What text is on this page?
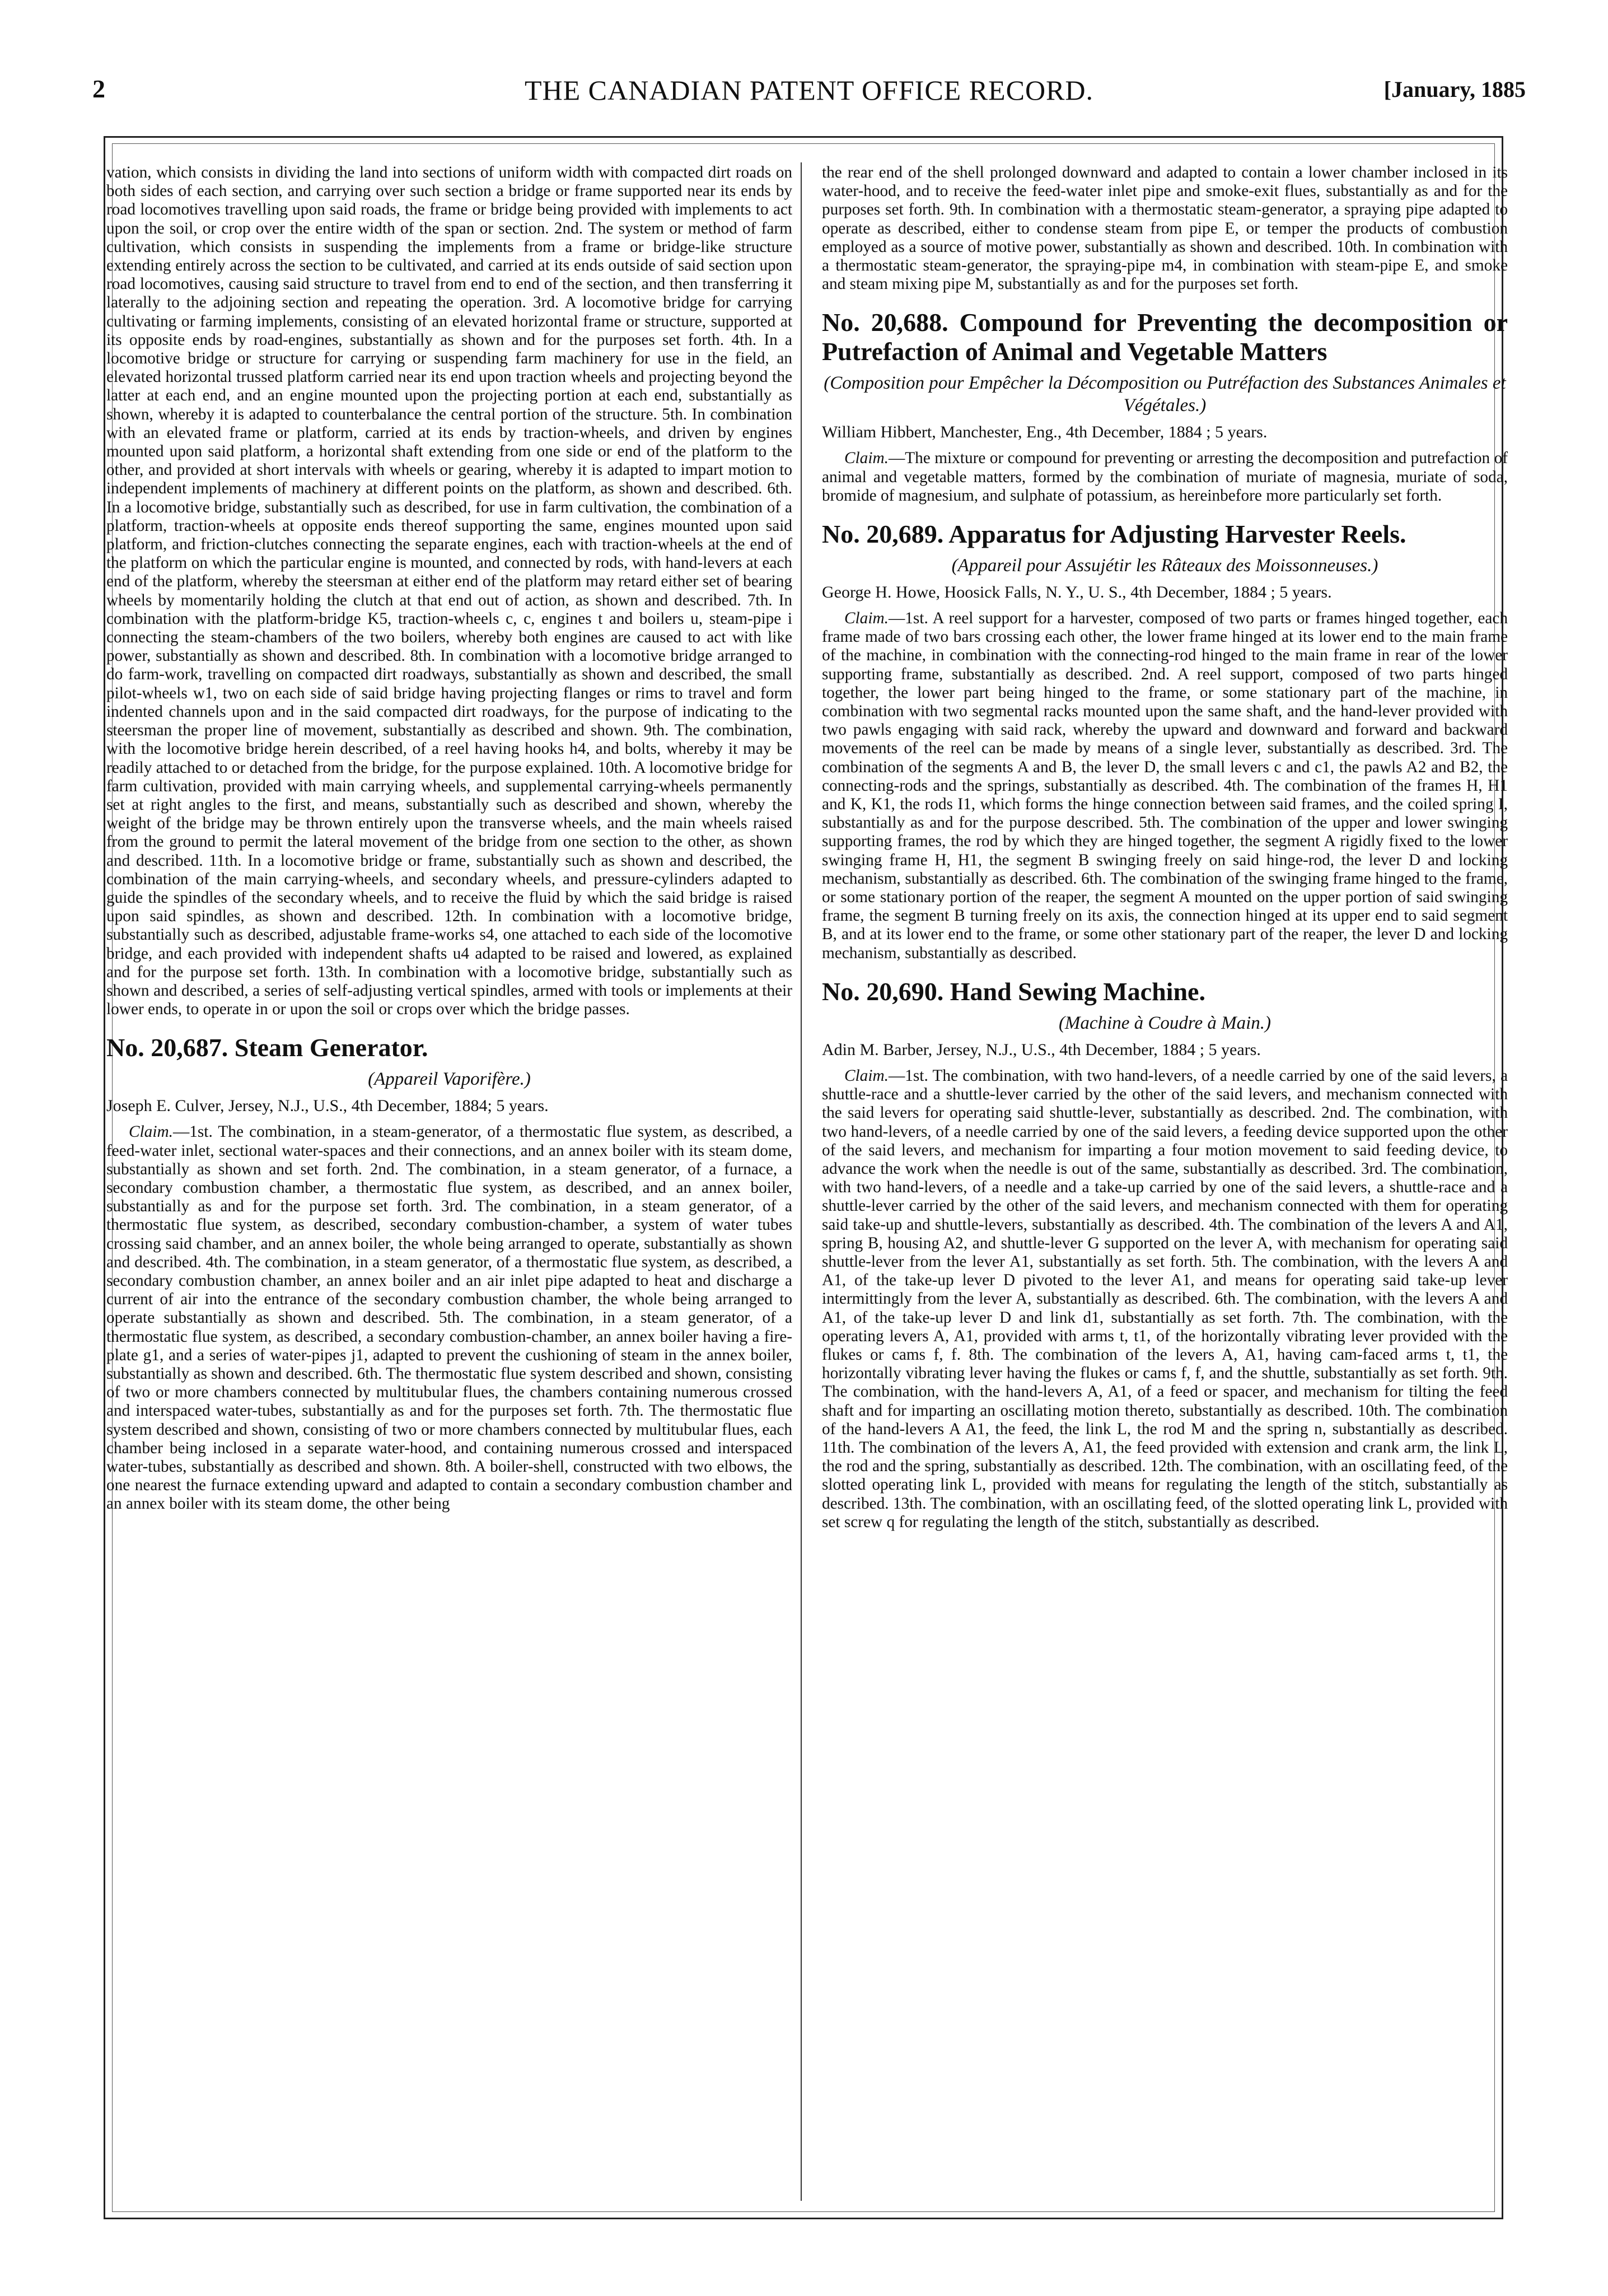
2	THE CANADIAN PATENT OFFICE RECORD.	[January, 1885

vation, which consists in dividing the land into sections of uniform width with compacted dirt roads on both sides of each section, and carrying over such section a bridge or frame supported near its ends by road locomotives travelling upon said roads, the frame or bridge being provided with implements to act upon the soil, or crop over the entire width of the span or section. 2nd. The system or method of farm cultivation, which consists in suspending the implements from a frame or bridge-like structure extending entirely across the section to be cultivated, and carried at its ends outside of said section upon road locomotives, causing said structure to travel from end to end of the section, and then transferring it laterally to the adjoining section and repeating the operation. 3rd. A locomotive bridge for carrying cultivating or farming implements, consisting of an elevated horizontal frame or structure, supported at its opposite ends by road-engines, substantially as shown and for the purposes set forth. 4th. In a locomotive bridge or structure for carrying or suspending farm machinery for use in the field, an elevated horizontal trussed platform carried near its end upon traction wheels and projecting beyond the latter at each end, and an engine mounted upon the projecting portion at each end, substantially as shown, whereby it is adapted to counterbalance the central portion of the structure. 5th. In combination with an elevated frame or platform, carried at its ends by traction-wheels, and driven by engines mounted upon said platform, a horizontal shaft extending from one side or end of the platform to the other, and provided at short intervals with wheels or gearing, whereby it is adapted to impart motion to independent implements of machinery at different points on the platform, as shown and described. 6th. In a locomotive bridge, substantially such as described, for use in farm cultivation, the combination of a platform, traction-wheels at opposite ends thereof supporting the same, engines mounted upon said platform, and friction-clutches connecting the separate engines, each with traction-wheels at the end of the platform on which the particular engine is mounted, and connected by rods, with hand-levers at each end of the platform, whereby the steersman at either end of the platform may retard either set of bearing wheels by momentarily holding the clutch at that end out of action, as shown and described. 7th. In combination with the platform-bridge K5, traction-wheels c, c, engines t and boilers u, steam-pipe i connecting the steam-chambers of the two boilers, whereby both engines are caused to act with like power, substantially as shown and described. 8th. In combination with a locomotive bridge arranged to do farm-work, travelling on compacted dirt roadways, substantially as shown and described, the small pilot-wheels w1, two on each side of said bridge having projecting flanges or rims to travel and form indented channels upon and in the said compacted dirt roadways, for the purpose of indicating to the steersman the proper line of movement, substantially as described and shown. 9th. The combination, with the locomotive bridge herein described, of a reel having hooks h4, and bolts, whereby it may be readily attached to or detached from the bridge, for the purpose explained. 10th. A locomotive bridge for farm cultivation, provided with main carrying wheels, and supplemental carrying-wheels permanently set at right angles to the first, and means, substantially such as described and shown, whereby the weight of the bridge may be thrown entirely upon the transverse wheels, and the main wheels raised from the ground to permit the lateral movement of the bridge from one section to the other, as shown and described. 11th. In a locomotive bridge or frame, substantially such as shown and described, the combination of the main carrying-wheels, and secondary wheels, and pressure-cylinders adapted to guide the spindles of the secondary wheels, and to receive the fluid by which the said bridge is raised upon said spindles, as shown and described. 12th. In combination with a locomotive bridge, substantially such as described, adjustable frame-works s4, one attached to each side of the locomotive bridge, and each provided with independent shafts u4 adapted to be raised and lowered, as explained and for the purpose set forth. 13th. In combination with a locomotive bridge, substantially such as shown and described, a series of self-adjusting vertical spindles, armed with tools or implements at their lower ends, to operate in or upon the soil or crops over which the bridge passes.

No. 20,687. Steam Generator.
(Appareil Vaporifère.)
Joseph E. Culver, Jersey, N.J., U.S., 4th December, 1884; 5 years.

Claim.—1st. The combination, in a steam-generator, of a thermostatic flue system, as described, a feed-water inlet, sectional water-spaces and their connections, and an annex boiler with its steam dome, substantially as shown and set forth. 2nd. The combination, in a steam generator, of a furnace, a secondary combustion chamber, a thermostatic flue system, as described, and an annex boiler, substantially as and for the purpose set forth. 3rd. The combination, in a steam generator, of a thermostatic flue system, as described, secondary combustion-chamber, a system of water tubes crossing said chamber, and an annex boiler, the whole being arranged to operate, substantially as shown and described. 4th. The combination, in a steam generator, of a thermostatic flue system, as described, a secondary combustion chamber, an annex boiler and an air inlet pipe adapted to heat and discharge a current of air into the entrance of the secondary combustion chamber, the whole being arranged to operate substantially as shown and described. 5th. The combination, in a steam generator, of a thermostatic flue system, as described, a secondary combustion-chamber, an annex boiler having a fire-plate g1, and a series of water-pipes j1, adapted to prevent the cushioning of steam in the annex boiler, substantially as shown and described. 6th. The thermostatic flue system described and shown, consisting of two or more chambers connected by multitubular flues, the chambers containing numerous crossed and interspaced water-tubes, substantially as and for the purposes set forth. 7th. The thermostatic flue system described and shown, consisting of two or more chambers connected by multitubular flues, each chamber being inclosed in a separate water-hood, and containing numerous crossed and interspaced water-tubes, substantially as described and shown. 8th. A boiler-shell, constructed with two elbows, the one nearest the furnace extending upward and adapted to contain a secondary combustion chamber and an annex boiler with its steam dome, the other being

the rear end of the shell prolonged downward and adapted to contain a lower chamber inclosed in its water-hood, and to receive the feed-water inlet pipe and smoke-exit flues, substantially as and for the purposes set forth. 9th. In combination with a thermostatic steam-generator, a spraying pipe adapted to operate as described, either to condense steam from pipe E, or temper the products of combustion employed as a source of motive power, substantially as shown and described. 10th. In combination with a thermostatic steam-generator, the spraying-pipe m4, in combination with steam-pipe E, and smoke and steam mixing pipe M, substantially as and for the purposes set forth.

No. 20,688. Compound for Preventing the decomposition or Putrefaction of Animal and Vegetable Matters
(Composition pour Empêcher la Décomposition ou Putréfaction des Substances Animales et Végétales.)
William Hibbert, Manchester, Eng., 4th December, 1884 ; 5 years.

Claim.—The mixture or compound for preventing or arresting the decomposition and putrefaction of animal and vegetable matters, formed by the combination of muriate of magnesia, muriate of soda, bromide of magnesium, and sulphate of potassium, as hereinbefore more particularly set forth.

No. 20,689. Apparatus for Adjusting Harvester Reels.
(Appareil pour Assujétir les Râteaux des Moissonneuses.)
George H. Howe, Hoosick Falls, N. Y., U. S., 4th December, 1884 ; 5 years.

Claim.—1st. A reel support for a harvester, composed of two parts or frames hinged together, each frame made of two bars crossing each other, the lower frame hinged at its lower end to the main frame of the machine, in combination with the connecting-rod hinged to the main frame in rear of the lower supporting frame, substantially as described. 2nd. A reel support, composed of two parts hinged together, the lower part being hinged to the frame, or some stationary part of the machine, in combination with two segmental racks mounted upon the same shaft, and the hand-lever provided with two pawls engaging with said rack, whereby the upward and downward and forward and backward movements of the reel can be made by means of a single lever, substantially as described. 3rd. The combination of the segments A and B, the lever D, the small levers c and c1, the pawls A2 and B2, the connecting-rods and the springs, substantially as described. 4th. The combination of the frames H, H1 and K, K1, the rods I1, which forms the hinge connection between said frames, and the coiled spring I, substantially as and for the purpose described. 5th. The combination of the upper and lower swinging supporting frames, the rod by which they are hinged together, the segment A rigidly fixed to the lower swinging frame H, H1, the segment B swinging freely on said hinge-rod, the lever D and locking mechanism, substantially as described. 6th. The combination of the swinging frame hinged to the frame, or some stationary portion of the reaper, the segment A mounted on the upper portion of said swinging frame, the segment B turning freely on its axis, the connection hinged at its upper end to said segment B, and at its lower end to the frame, or some other stationary part of the reaper, the lever D and locking mechanism, substantially as described.

No. 20,690. Hand Sewing Machine.
(Machine à Coudre à Main.)
Adin M. Barber, Jersey, N.J., U.S., 4th December, 1884 ; 5 years.

Claim.—1st. The combination, with two hand-levers, of a needle carried by one of the said levers, a shuttle-race and a shuttle-lever carried by the other of the said levers, and mechanism connected with the said levers for operating said shuttle-lever, substantially as described. 2nd. The combination, with two hand-levers, of a needle carried by one of the said levers, a feeding device supported upon the other of the said levers, and mechanism for imparting a four motion movement to said feeding device, to advance the work when the needle is out of the same, substantially as described. 3rd. The combination, with two hand-levers, of a needle and a take-up carried by one of the said levers, a shuttle-race and a shuttle-lever carried by the other of the said levers, and mechanism connected with them for operating said take-up and shuttle-levers, substantially as described. 4th. The combination of the levers A and A1, spring B, housing A2, and shuttle-lever G supported on the lever A, with mechanism for operating said shuttle-lever from the lever A1, substantially as set forth. 5th. The combination, with the levers A and A1, of the take-up lever D pivoted to the lever A1, and means for operating said take-up lever intermittingly from the lever A, substantially as described. 6th. The combination, with the levers A and A1, of the take-up lever D and link d1, substantially as set forth. 7th. The combination, with the operating levers A, A1, provided with arms t, t1, of the horizontally vibrating lever provided with the flukes or cams f, f. 8th. The combination of the levers A, A1, having cam-faced arms t, t1, the horizontally vibrating lever having the flukes or cams f, f, and the shuttle, substantially as set forth. 9th. The combination, with the hand-levers A, A1, of a feed or spacer, and mechanism for tilting the feed shaft and for imparting an oscillating motion thereto, substantially as described. 10th. The combination of the hand-levers A A1, the feed, the link L, the rod M and the spring n, substantially as described. 11th. The combination of the levers A, A1, the feed provided with extension and crank arm, the link L, the rod and the spring, substantially as described. 12th. The combination, with an oscillating feed, of the slotted operating link L, provided with means for regulating the length of the stitch, substantially as described. 13th. The combination, with an oscillating feed, of the slotted operating link L, provided with set screw q for regulating the length of the stitch, substantially as described.
